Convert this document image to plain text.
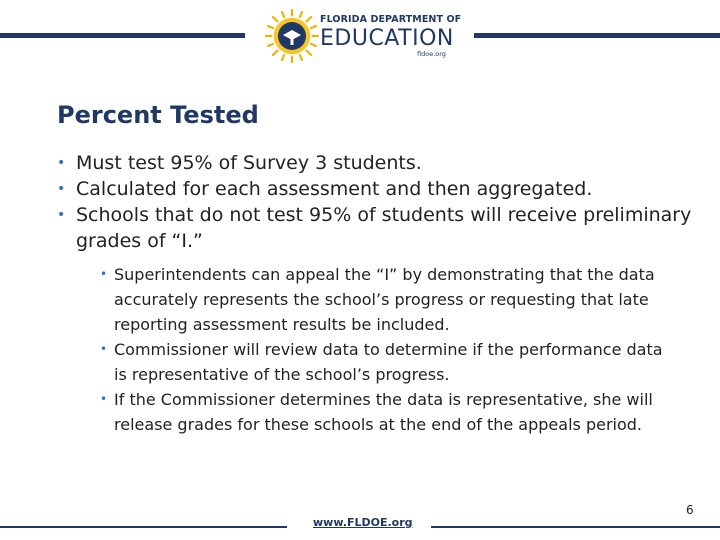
FLORIDA DEPARTMENT OF
EDUCATION
fldoe.org
Percent Tested
• Must test 95% of Survey 3 students.
• Calculated for each assessment and then aggregated.
• Schools that do not test 95% of students will receive preliminary grades of “I.”
• Superintendents can appeal the “I” by demonstrating that the data accurately represents the school’s progress or requesting that late reporting assessment results be included.
• Commissioner will review data to determine if the performance data is representative of the school’s progress.
• If the Commissioner determines the data is representative, she will release grades for these schools at the end of the appeals period.
www.FLDOE.org
6
